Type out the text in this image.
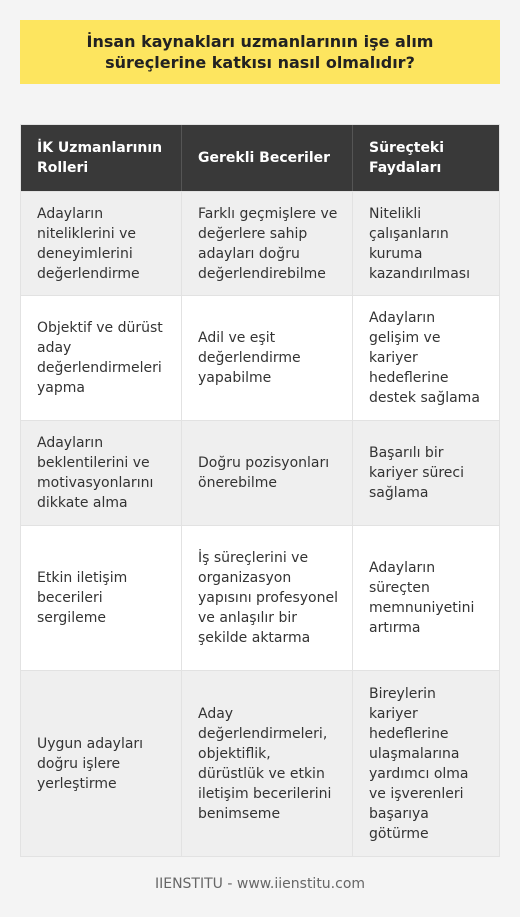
İnsan kaynakları uzmanlarının işe alım süreçlerine katkısı nasıl olmalıdır?
İK Uzmanlarının Rolleri
Gerekli Beceriler
Süreçteki Faydaları
Adayların niteliklerini ve deneyimlerini değerlendirme
Farklı geçmişlere ve değerlere sahip adayları doğru değerlendirebilme
Nitelikli çalışanların kuruma kazandırılması
Objektif ve dürüst aday değerlendirmeleri yapma
Adil ve eşit değerlendirme yapabilme
Adayların gelişim ve kariyer hedeflerine destek sağlama
Adayların beklentilerini ve motivasyonlarını dikkate alma
Doğru pozisyonları önerebilme
Başarılı bir kariyer süreci sağlama
Etkin iletişim becerileri sergileme
İş süreçlerini ve organizasyon yapısını profesyonel ve anlaşılır bir şekilde aktarma
Adayların süreçten memnuniyetini artırma
Uygun adayları doğru işlere yerleştirme
Aday değerlendirmeleri, objektiflik, dürüstlük ve etkin iletişim becerilerini benimseme
Bireylerin kariyer hedeflerine ulaşmalarına yardımcı olma ve işverenleri başarıya götürme
IIENSTITU - www.iienstitu.com
